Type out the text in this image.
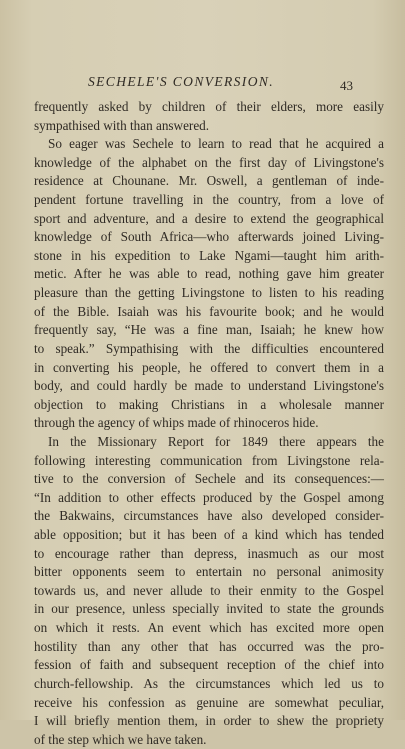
SECHELE'S CONVERSION.	43
frequently asked by children of their elders, more easily
sympathised with than answered.
So eager was Sechele to learn to read that he acquired a
knowledge of the alphabet on the first day of Livingstone's
residence at Chounane. Mr. Oswell, a gentleman of inde-
pendent fortune travelling in the country, from a love of
sport and adventure, and a desire to extend the geographical
knowledge of South Africa—who afterwards joined Living-
stone in his expedition to Lake Ngami—taught him arith-
metic. After he was able to read, nothing gave him greater
pleasure than the getting Livingstone to listen to his reading
of the Bible. Isaiah was his favourite book; and he would
frequently say, “He was a fine man, Isaiah; he knew how
to speak.” Sympathising with the difficulties encountered
in converting his people, he offered to convert them in a
body, and could hardly be made to understand Livingstone's
objection to making Christians in a wholesale manner
through the agency of whips made of rhinoceros hide.
In the Missionary Report for 1849 there appears the
following interesting communication from Livingstone rela-
tive to the conversion of Sechele and its consequences:—
“In addition to other effects produced by the Gospel among
the Bakwains, circumstances have also developed consider-
able opposition; but it has been of a kind which has tended
to encourage rather than depress, inasmuch as our most
bitter opponents seem to entertain no personal animosity
towards us, and never allude to their enmity to the Gospel
in our presence, unless specially invited to state the grounds
on which it rests. An event which has excited more open
hostility than any other that has occurred was the pro-
fession of faith and subsequent reception of the chief into
church-fellowship. As the circumstances which led us to
receive his confession as genuine are somewhat peculiar,
I will briefly mention them, in order to shew the propriety
of the step which we have taken.
